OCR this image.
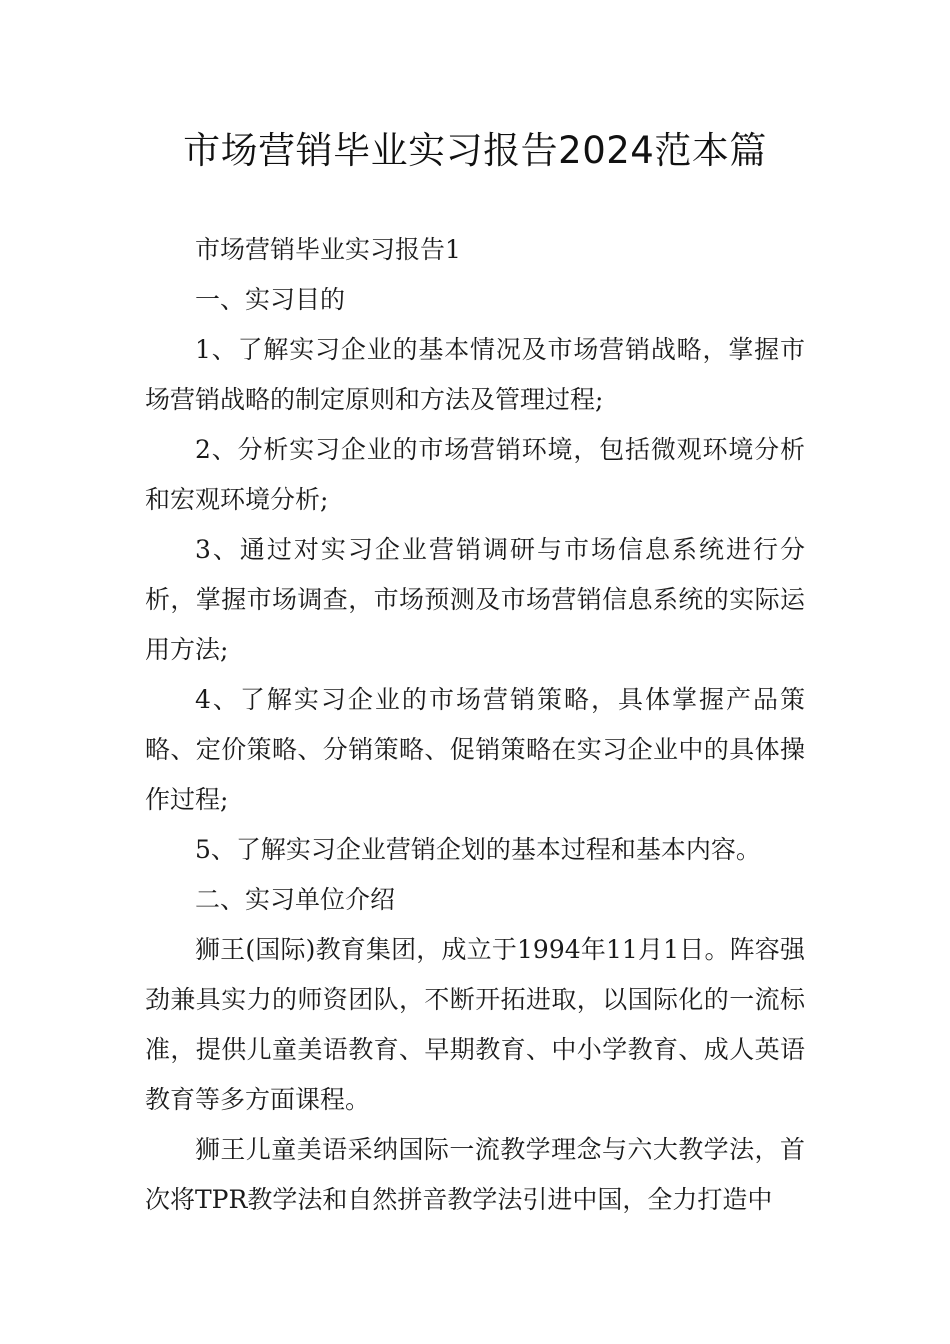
市场营销毕业实习报告2024范本篇

市场营销毕业实习报告1

一、实习目的

1、了解实习企业的基本情况及市场营销战略，掌握市场营销战略的制定原则和方法及管理过程;

2、分析实习企业的市场营销环境，包括微观环境分析和宏观环境分析;

3、通过对实习企业营销调研与市场信息系统进行分析，掌握市场调查，市场预测及市场营销信息系统的实际运用方法;

4、了解实习企业的市场营销策略，具体掌握产品策略、定价策略、分销策略、促销策略在实习企业中的具体操作过程;

5、了解实习企业营销企划的基本过程和基本内容。

二、实习单位介绍

狮王(国际)教育集团，成立于1994年11月1日。阵容强劲兼具实力的师资团队，不断开拓进取，以国际化的一流标准，提供儿童美语教育、早期教育、中小学教育、成人英语教育等多方面课程。

狮王儿童美语采纳国际一流教学理念与六大教学法，首次将TPR教学法和自然拼音教学法引进中国，全力打造中
